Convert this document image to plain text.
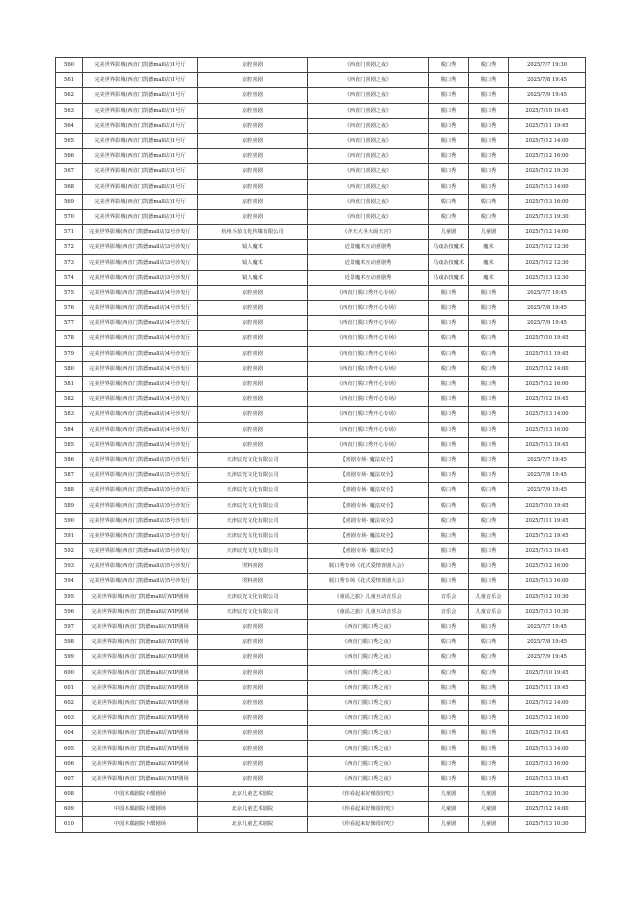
560	完美世界影城(西直门凯德mall店)1号厅	京腔喜剧	《西直门喜剧之夜》	脱口秀	脱口秀	2025/7/7 19:30
561	完美世界影城(西直门凯德mall店)1号厅	京腔喜剧	《西直门喜剧之夜》	脱口秀	脱口秀	2025/7/8 19:45
562	完美世界影城(西直门凯德mall店)1号厅	京腔喜剧	《西直门喜剧之夜》	脱口秀	脱口秀	2025/7/9 19:45
563	完美世界影城(西直门凯德mall店)1号厅	京腔喜剧	《西直门喜剧之夜》	脱口秀	脱口秀	2025/7/10 19:45
564	完美世界影城(西直门凯德mall店)1号厅	京腔喜剧	《西直门喜剧之夜》	脱口秀	脱口秀	2025/7/11 19:45
565	完美世界影城(西直门凯德mall店)1号厅	京腔喜剧	《西直门喜剧之夜》	脱口秀	脱口秀	2025/7/12 14:00
566	完美世界影城(西直门凯德mall店)1号厅	京腔喜剧	《西直门喜剧之夜》	脱口秀	脱口秀	2025/7/12 16:00
567	完美世界影城(西直门凯德mall店)1号厅	京腔喜剧	《西直门喜剧之夜》	脱口秀	脱口秀	2025/7/12 19:30
568	完美世界影城(西直门凯德mall店)1号厅	京腔喜剧	《西直门喜剧之夜》	脱口秀	脱口秀	2025/7/13 14:00
569	完美世界影城(西直门凯德mall店)1号厅	京腔喜剧	《西直门喜剧之夜》	脱口秀	脱口秀	2025/7/13 16:00
570	完美世界影城(西直门凯德mall店)1号厅	京腔喜剧	《西直门喜剧之夜》	脱口秀	脱口秀	2025/7/13 19:30
571	完美世界影城(西直门凯德mall店)2号沙发厅	杭州斗茄文化传媒有限公司	《齐天大圣大闹天宫》	儿童剧	儿童剧	2025/7/12 14:00
572	完美世界影城(西直门凯德mall店)3号沙发厅	镜人魔术	近景魔术互动喜剧秀	马戏杂技魔术	魔术	2025/7/12 12:30
573	完美世界影城(西直门凯德mall店)3号沙发厅	镜人魔术	近景魔术互动喜剧秀	马戏杂技魔术	魔术	2025/7/12 12:30
574	完美世界影城(西直门凯德mall店)3号沙发厅	镜人魔术	近景魔术互动喜剧秀	马戏杂技魔术	魔术	2025/7/13 12:30
575	完美世界影城(西直门凯德mall店)4号沙发厅	京腔喜剧	《西直门脱口秀开心专场》	脱口秀	脱口秀	2025/7/7 19:45
576	完美世界影城(西直门凯德mall店)4号沙发厅	京腔喜剧	《西直门脱口秀开心专场》	脱口秀	脱口秀	2025/7/8 19:45
577	完美世界影城(西直门凯德mall店)4号沙发厅	京腔喜剧	《西直门脱口秀开心专场》	脱口秀	脱口秀	2025/7/9 19:45
578	完美世界影城(西直门凯德mall店)4号沙发厅	京腔喜剧	《西直门脱口秀开心专场》	脱口秀	脱口秀	2025/7/10 19:45
579	完美世界影城(西直门凯德mall店)4号沙发厅	京腔喜剧	《西直门脱口秀开心专场》	脱口秀	脱口秀	2025/7/11 19:45
580	完美世界影城(西直门凯德mall店)4号沙发厅	京腔喜剧	《西直门脱口秀开心专场》	脱口秀	脱口秀	2025/7/12 14:00
581	完美世界影城(西直门凯德mall店)4号沙发厅	京腔喜剧	《西直门脱口秀开心专场》	脱口秀	脱口秀	2025/7/12 16:00
582	完美世界影城(西直门凯德mall店)4号沙发厅	京腔喜剧	《西直门脱口秀开心专场》	脱口秀	脱口秀	2025/7/12 19:45
583	完美世界影城(西直门凯德mall店)4号沙发厅	京腔喜剧	《西直门脱口秀开心专场》	脱口秀	脱口秀	2025/7/13 14:00
584	完美世界影城(西直门凯德mall店)4号沙发厅	京腔喜剧	《西直门脱口秀开心专场》	脱口秀	脱口秀	2025/7/13 16:00
585	完美世界影城(西直门凯德mall店)4号沙发厅	京腔喜剧	《西直门脱口秀开心专场》	脱口秀	脱口秀	2025/7/13 19:45
586	完美世界影城(西直门凯德mall店)5号沙发厅	天津辰光文化有限公司	【喜剧专场· 魔法双全】	脱口秀	脱口秀	2025/7/7 19:45
587	完美世界影城(西直门凯德mall店)5号沙发厅	天津辰光文化有限公司	【喜剧专场· 魔法双全】	脱口秀	脱口秀	2025/7/8 19:45
588	完美世界影城(西直门凯德mall店)5号沙发厅	天津辰光文化有限公司	【喜剧专场· 魔法双全】	脱口秀	脱口秀	2025/7/9 19:45
589	完美世界影城(西直门凯德mall店)5号沙发厅	天津辰光文化有限公司	【喜剧专场· 魔法双全】	脱口秀	脱口秀	2025/7/10 19:45
590	完美世界影城(西直门凯德mall店)5号沙发厅	天津辰光文化有限公司	【喜剧专场· 魔法双全】	脱口秀	脱口秀	2025/7/11 19:45
591	完美世界影城(西直门凯德mall店)5号沙发厅	天津辰光文化有限公司	【喜剧专场· 魔法双全】	脱口秀	脱口秀	2025/7/12 19:45
592	完美世界影城(西直门凯德mall店)5号沙发厅	天津辰光文化有限公司	【喜剧专场· 魔法双全】	脱口秀	脱口秀	2025/7/13 19:45
593	完美世界影城(西直门凯德mall店)5号沙发厅	哭料喜剧	脱口秀专场《花式爱情喜剧大会》	脱口秀	脱口秀	2025/7/12 16:00
594	完美世界影城(西直门凯德mall店)5号沙发厅	哭料喜剧	脱口秀专场《花式爱情喜剧大会》	脱口秀	脱口秀	2025/7/13 16:00
595	完美世界影城(西直门凯德mall店)VIP剧场	天津辰光文化有限公司	《童谣之旅》儿童互动音乐会	音乐会	儿童音乐会	2025/7/12 10:30
596	完美世界影城(西直门凯德mall店)VIP剧场	天津辰光文化有限公司	《童谣之旅》儿童互动音乐会	音乐会	儿童音乐会	2025/7/13 10:30
597	完美世界影城(西直门凯德mall店)VIP剧场	京腔喜剧	《西直门脱口秀之夜》	脱口秀	脱口秀	2025/7/7 19:45
598	完美世界影城(西直门凯德mall店)VIP剧场	京腔喜剧	《西直门脱口秀之夜》	脱口秀	脱口秀	2025/7/8 19:45
599	完美世界影城(西直门凯德mall店)VIP剧场	京腔喜剧	《西直门脱口秀之夜》	脱口秀	脱口秀	2025/7/9 19:45
600	完美世界影城(西直门凯德mall店)VIP剧场	京腔喜剧	《西直门脱口秀之夜》	脱口秀	脱口秀	2025/7/10 19:45
601	完美世界影城(西直门凯德mall店)VIP剧场	京腔喜剧	《西直门脱口秀之夜》	脱口秀	脱口秀	2025/7/11 19:45
602	完美世界影城(西直门凯德mall店)VIP剧场	京腔喜剧	《西直门脱口秀之夜》	脱口秀	脱口秀	2025/7/12 14:00
603	完美世界影城(西直门凯德mall店)VIP剧场	京腔喜剧	《西直门脱口秀之夜》	脱口秀	脱口秀	2025/7/12 16:00
604	完美世界影城(西直门凯德mall店)VIP剧场	京腔喜剧	《西直门脱口秀之夜》	脱口秀	脱口秀	2025/7/12 19:45
605	完美世界影城(西直门凯德mall店)VIP剧场	京腔喜剧	《西直门脱口秀之夜》	脱口秀	脱口秀	2025/7/13 14:00
606	完美世界影城(西直门凯德mall店)VIP剧场	京腔喜剧	《西直门脱口秀之夜》	脱口秀	脱口秀	2025/7/13 16:00
607	完美世界影城(西直门凯德mall店)VIP剧场	京腔喜剧	《西直门脱口秀之夜》	脱口秀	脱口秀	2025/7/13 19:45
608	中国木偶剧院卡酷剧场	北京儿童艺术剧院	《你看起来好像很好吃》	儿童剧	儿童剧	2025/7/12 10:30
609	中国木偶剧院卡酷剧场	北京儿童艺术剧院	《你看起来好像很好吃》	儿童剧	儿童剧	2025/7/12 14:00
610	中国木偶剧院卡酷剧场	北京儿童艺术剧院	《你看起来好像很好吃》	儿童剧	儿童剧	2025/7/13 10:30
